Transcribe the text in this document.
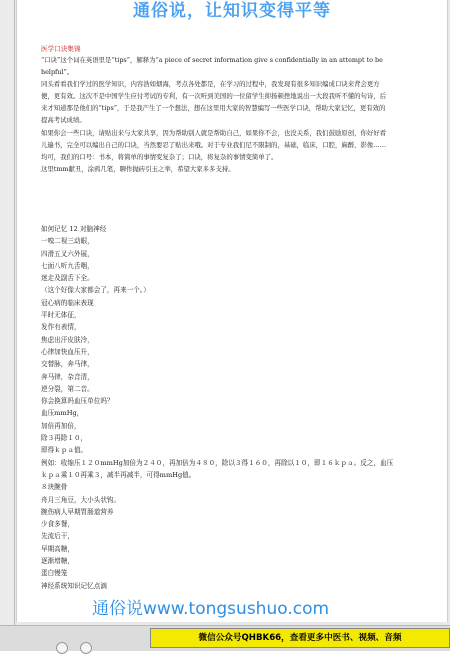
通俗说，让知识变得平等
医学口诀集锦

“口诀”这个词在英语里是“tips”，解释为“a piece of secret information give s confidentially in an attempt to be helpful”。

同头看看我们学过的医学知识，内容浩如烟海，考点各处都是，在学习的过程中，我发现有很多知识编成口诀来背会更方便，更有效。这次不是中国学生应付考试的专利，有一次听到美国的一位留学生抑扬顿挫地说出一大段我听不懂的句诗，后来才知道那是他们的“tips”，于是我产生了一个想法，想在这里用大家的智慧编写一些医学口诀，帮助大家记忆，更有效的提高考试成绩。

如果你会一些口诀，请贴出来与大家共享，因为帮助别人就是帮助自己，如果你不会，也没关系，我们鼓励原创，你好好看儿遍书，完全可以编出自己的口诀，当然要忍了贴出来哦。对于专业我们尼不限制的，基础，临床，口腔，麻醉，影像……均可，我们的口号：书本，将简单的事情变复杂了；口诀，将复杂的事情变简单了。

这里tmm献丑，涂鸦几笔，聊作抛砖引玉之举，希望大家多多支持。

如何记忆 12 对脑神经
一嗅二视三动眼，
四滑五叉六外展，
七面八听九舌咽，
迷走及副舌下全。
（这个好像大家都会了，再来一个。）
冠心病的临床表现
平时无体征，
发作有表情，
焦虑出汗皮肤冷，
心律加快血压升，
交替脉，奔马律，
奔马律，杂音清，
逆分裂，第二音。
你会换算吗血压单位吗？
血压mmHg，
加倍再加倍，
除３再除１０，
即得ｋｐａ值。
例如：收缩压１２０mmHg加倍为２４０，再加倍为４８０，除以３得１６０，再除以１０，即１６ｋｐａ。反之，血压ｋｐａ乘１０再乘３，减半再减半，可得mmHg值。
８块腕骨
舟月三角豆，大小头状钩。
腕伤病人早期胃肠道营养
少食多餐，
先流后干，
早期高糖，
逐渐增糖，
蛋白慢笼
神经系统知识记忆点滴
通俗说www.tongsushuo.com
微信公众号QHBK66，查看更多中医书、视频、音频
